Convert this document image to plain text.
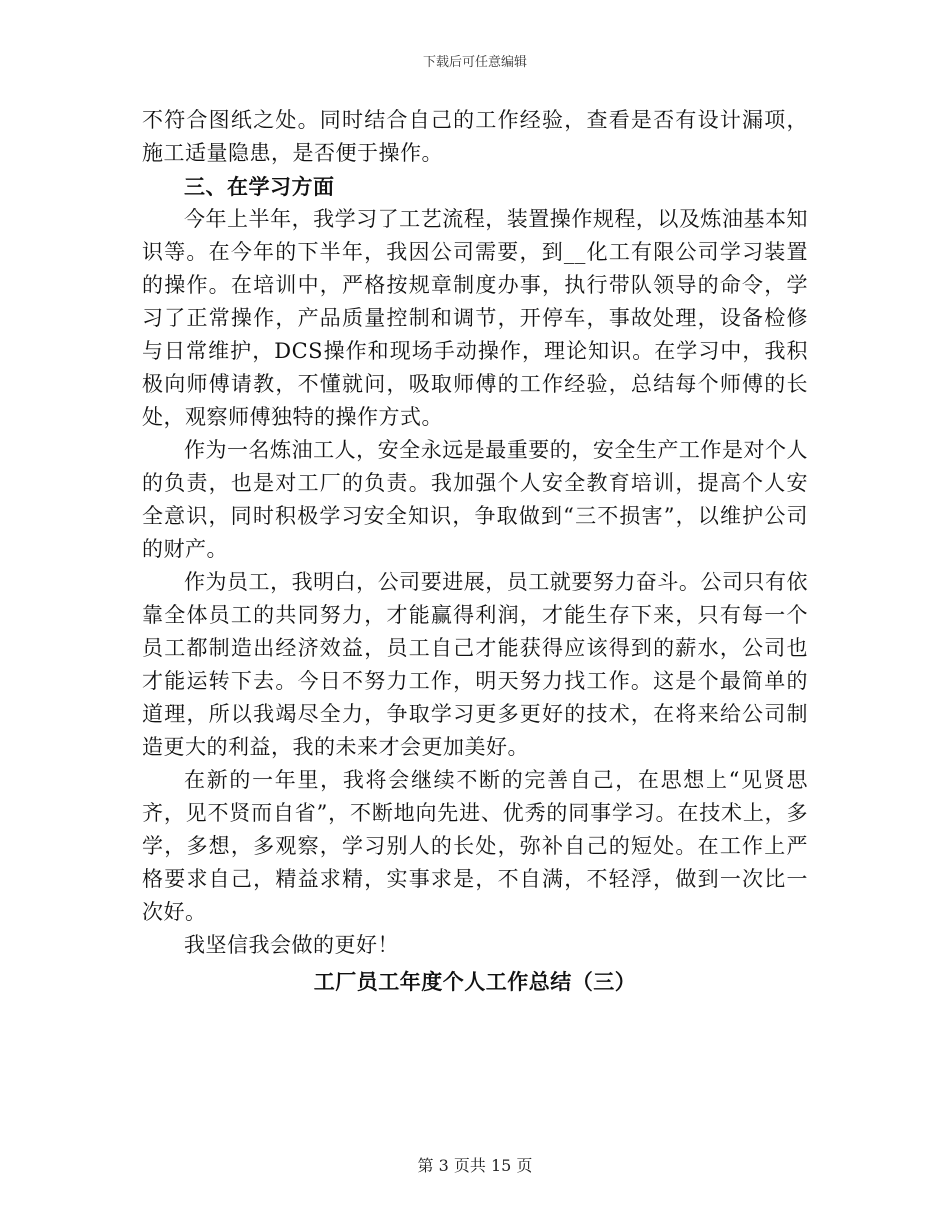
下载后可任意编辑

不符合图纸之处。同时结合自己的工作经验，查看是否有设计漏项，施工适量隐患，是否便于操作。

三、在学习方面

今年上半年，我学习了工艺流程，装置操作规程，以及炼油基本知识等。在今年的下半年，我因公司需要，到__化工有限公司学习装置的操作。在培训中，严格按规章制度办事，执行带队领导的命令，学习了正常操作，产品质量控制和调节，开停车，事故处理，设备检修与日常维护，DCS操作和现场手动操作，理论知识。在学习中，我积极向师傅请教，不懂就问，吸取师傅的工作经验，总结每个师傅的长处，观察师傅独特的操作方式。

作为一名炼油工人，安全永远是最重要的，安全生产工作是对个人的负责，也是对工厂的负责。我加强个人安全教育培训，提高个人安全意识，同时积极学习安全知识，争取做到“三不损害”，以维护公司的财产。

作为员工，我明白，公司要进展，员工就要努力奋斗。公司只有依靠全体员工的共同努力，才能赢得利润，才能生存下来，只有每一个员工都制造出经济效益，员工自己才能获得应该得到的薪水，公司也才能运转下去。今日不努力工作，明天努力找工作。这是个最简单的道理，所以我竭尽全力，争取学习更多更好的技术，在将来给公司制造更大的利益，我的未来才会更加美好。

在新的一年里，我将会继续不断的完善自己，在思想上“见贤思齐，见不贤而自省”，不断地向先进、优秀的同事学习。在技术上，多学，多想，多观察，学习别人的长处，弥补自己的短处。在工作上严格要求自己，精益求精，实事求是，不自满，不轻浮，做到一次比一次好。

我坚信我会做的更好！

工厂员工年度个人工作总结（三）

第 3 页共 15 页
